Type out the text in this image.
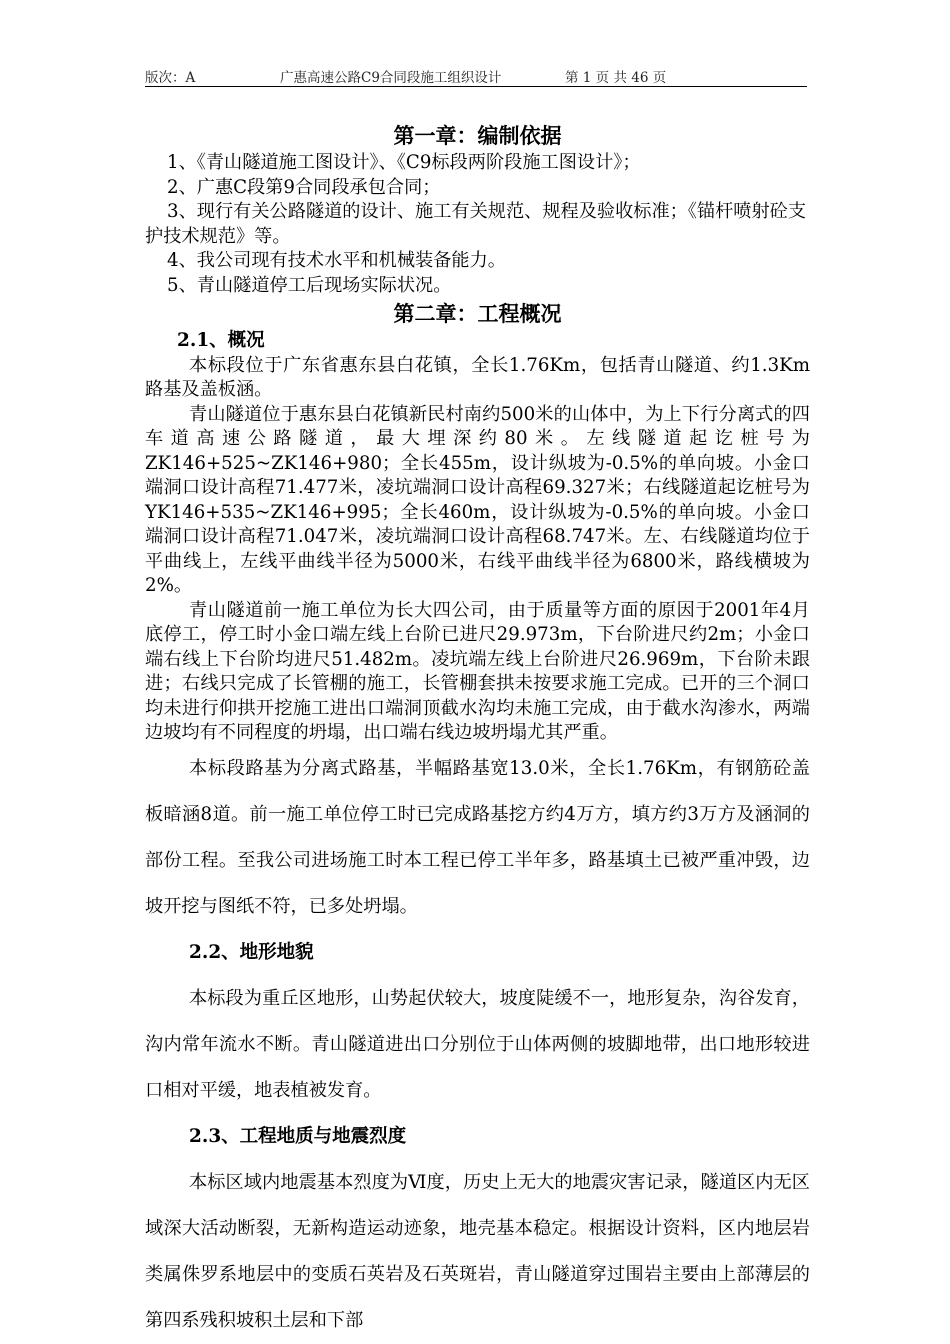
版次：A	广惠高速公路C9合同段施工组织设计	第 1 页 共 46 页
第一章：编制依据

1、《青山隧道施工图设计》、《C9标段两阶段施工图设计》；

2、广惠C段第9合同段承包合同；

3、现行有关公路隧道的设计、施工有关规范、规程及验收标准；《锚杆喷射砼支护技术规范》等。

4、我公司现有技术水平和机械装备能力。

5、青山隧道停工后现场实际状况。

第二章：工程概况
2.1、概况

本标段位于广东省惠东县白花镇，全长1.76Km，包括青山隧道、约1.3Km路基及盖板涵。

青山隧道位于惠东县白花镇新民村南约500米的山体中，为上下行分离式的四车道高速公路隧道，最大埋深约80米。左线隧道起讫桩号为ZK146+525~ZK146+980；全长455m，设计纵坡为-0.5%的单向坡。小金口端洞口设计高程71.477米，凌坑端洞口设计高程69.327米；右线隧道起讫桩号为YK146+535~ZK146+995；全长460m，设计纵坡为-0.5%的单向坡。小金口端洞口设计高程71.047米，凌坑端洞口设计高程68.747米。左、右线隧道均位于平曲线上，左线平曲线半径为5000米，右线平曲线半径为6800米，路线横坡为2%。

青山隧道前一施工单位为长大四公司，由于质量等方面的原因于2001年4月底停工，停工时小金口端左线上台阶已进尺29.973m，下台阶进尺约2m；小金口端右线上下台阶均进尺51.482m。凌坑端左线上台阶进尺26.969m，下台阶未跟进；右线只完成了长管棚的施工，长管棚套拱未按要求施工完成。已开的三个洞口均未进行仰拱开挖施工进出口端洞顶截水沟均未施工完成，由于截水沟渗水，两端边坡均有不同程度的坍塌，出口端右线边坡坍塌尤其严重。

本标段路基为分离式路基，半幅路基宽13.0米，全长1.76Km，有钢筋砼盖板暗涵8道。前一施工单位停工时已完成路基挖方约4万方，填方约3万方及涵洞的部份工程。至我公司进场施工时本工程已停工半年多，路基填土已被严重冲毁，边坡开挖与图纸不符，已多处坍塌。

2.2、地形地貌

本标段为重丘区地形，山势起伏较大，坡度陡缓不一，地形复杂，沟谷发育，沟内常年流水不断。青山隧道进出口分别位于山体两侧的坡脚地带，出口地形较进口相对平缓，地表植被发育。

2.3、工程地质与地震烈度

本标区域内地震基本烈度为Ⅵ度，历史上无大的地震灾害记录，隧道区内无区域深大活动断裂，无新构造运动迹象，地壳基本稳定。根据设计资料，区内地层岩类属侏罗系地层中的变质石英岩及石英斑岩，青山隧道穿过围岩主要由上部薄层的第四系残积坡积土层和下部
